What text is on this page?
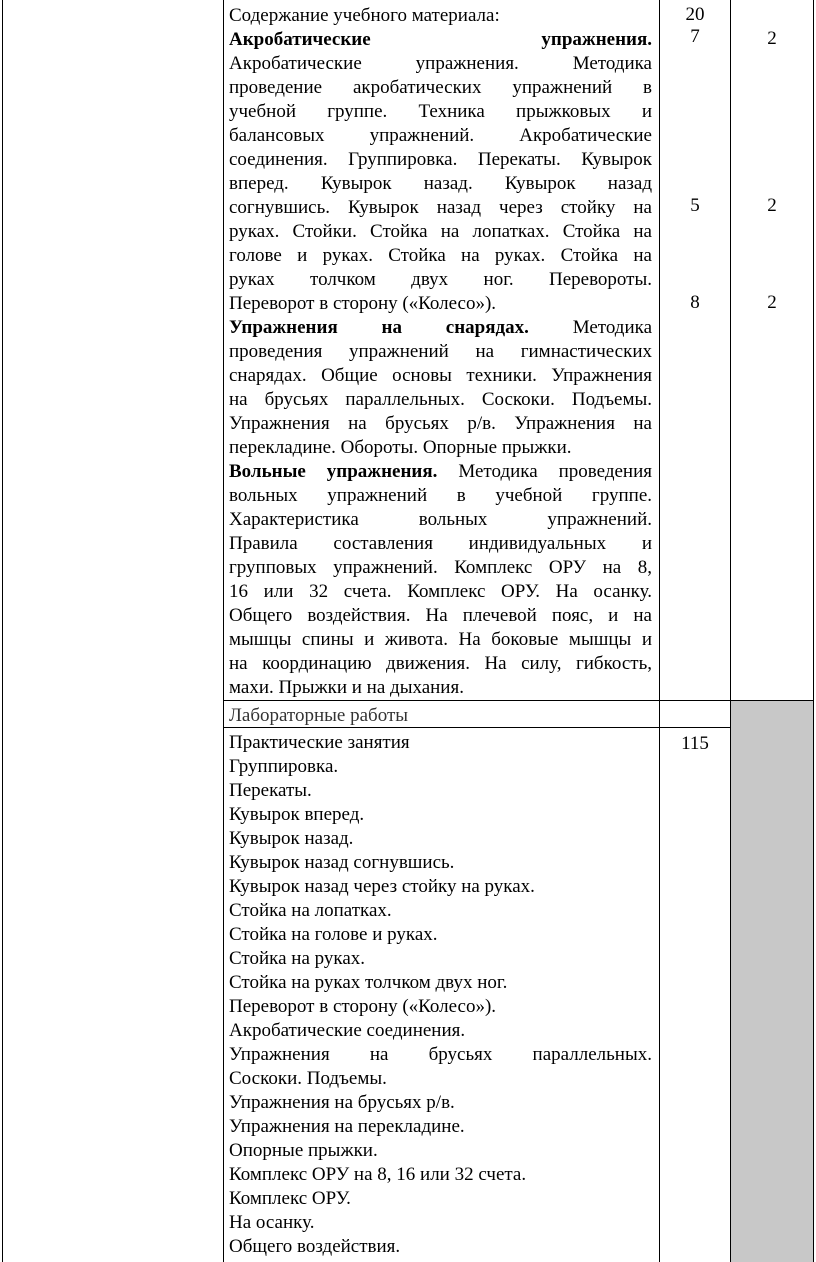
Содержание учебного материала:
Акробатические упражнения.
Акробатические упражнения. Методика
проведение акробатических упражнений в
учебной группе. Техника прыжковых и
балансовых упражнений. Акробатические
соединения. Группировка. Перекаты. Кувырок
вперед. Кувырок назад. Кувырок назад
согнувшись. Кувырок назад через стойку на
руках. Стойки. Стойка на лопатках. Стойка на
голове и руках. Стойка на руках. Стойка на
руках толчком двух ног. Перевороты.
Переворот в сторону («Колесо»).
Упражнения на снарядах. Методика
проведения упражнений на гимнастических
снарядах. Общие основы техники. Упражнения
на брусьях параллельных. Соскоки. Подъемы.
Упражнения на брусьях р/в. Упражнения на
перекладине. Обороты. Опорные прыжки.
Вольные упражнения. Методика проведения
вольных упражнений в учебной группе.
Характеристика вольных упражнений.
Правила составления индивидуальных и
групповых упражнений. Комплекс ОРУ на 8,
16 или 32 счета. Комплекс ОРУ. На осанку.
Общего воздействия. На плечевой пояс, и на
мышцы спины и живота. На боковые мышцы и
на координацию движения. На силу, гибкость,
махи. Прыжки и на дыхания.
20
7
5
8
2
2
2
Лабораторные работы
Практические занятия
Группировка.
Перекаты.
Кувырок вперед.
Кувырок назад.
Кувырок назад согнувшись.
Кувырок назад через стойку на руках.
Стойка на лопатках.
Стойка на голове и руках.
Стойка на руках.
Стойка на руках толчком двух ног.
Переворот в сторону («Колесо»).
Акробатические соединения.
Упражнения на брусьях параллельных.
Соскоки. Подъемы.
Упражнения на брусьях р/в.
Упражнения на перекладине.
Опорные прыжки.
Комплекс ОРУ на 8, 16 или 32 счета.
Комплекс ОРУ.
На осанку.
Общего воздействия.
115
